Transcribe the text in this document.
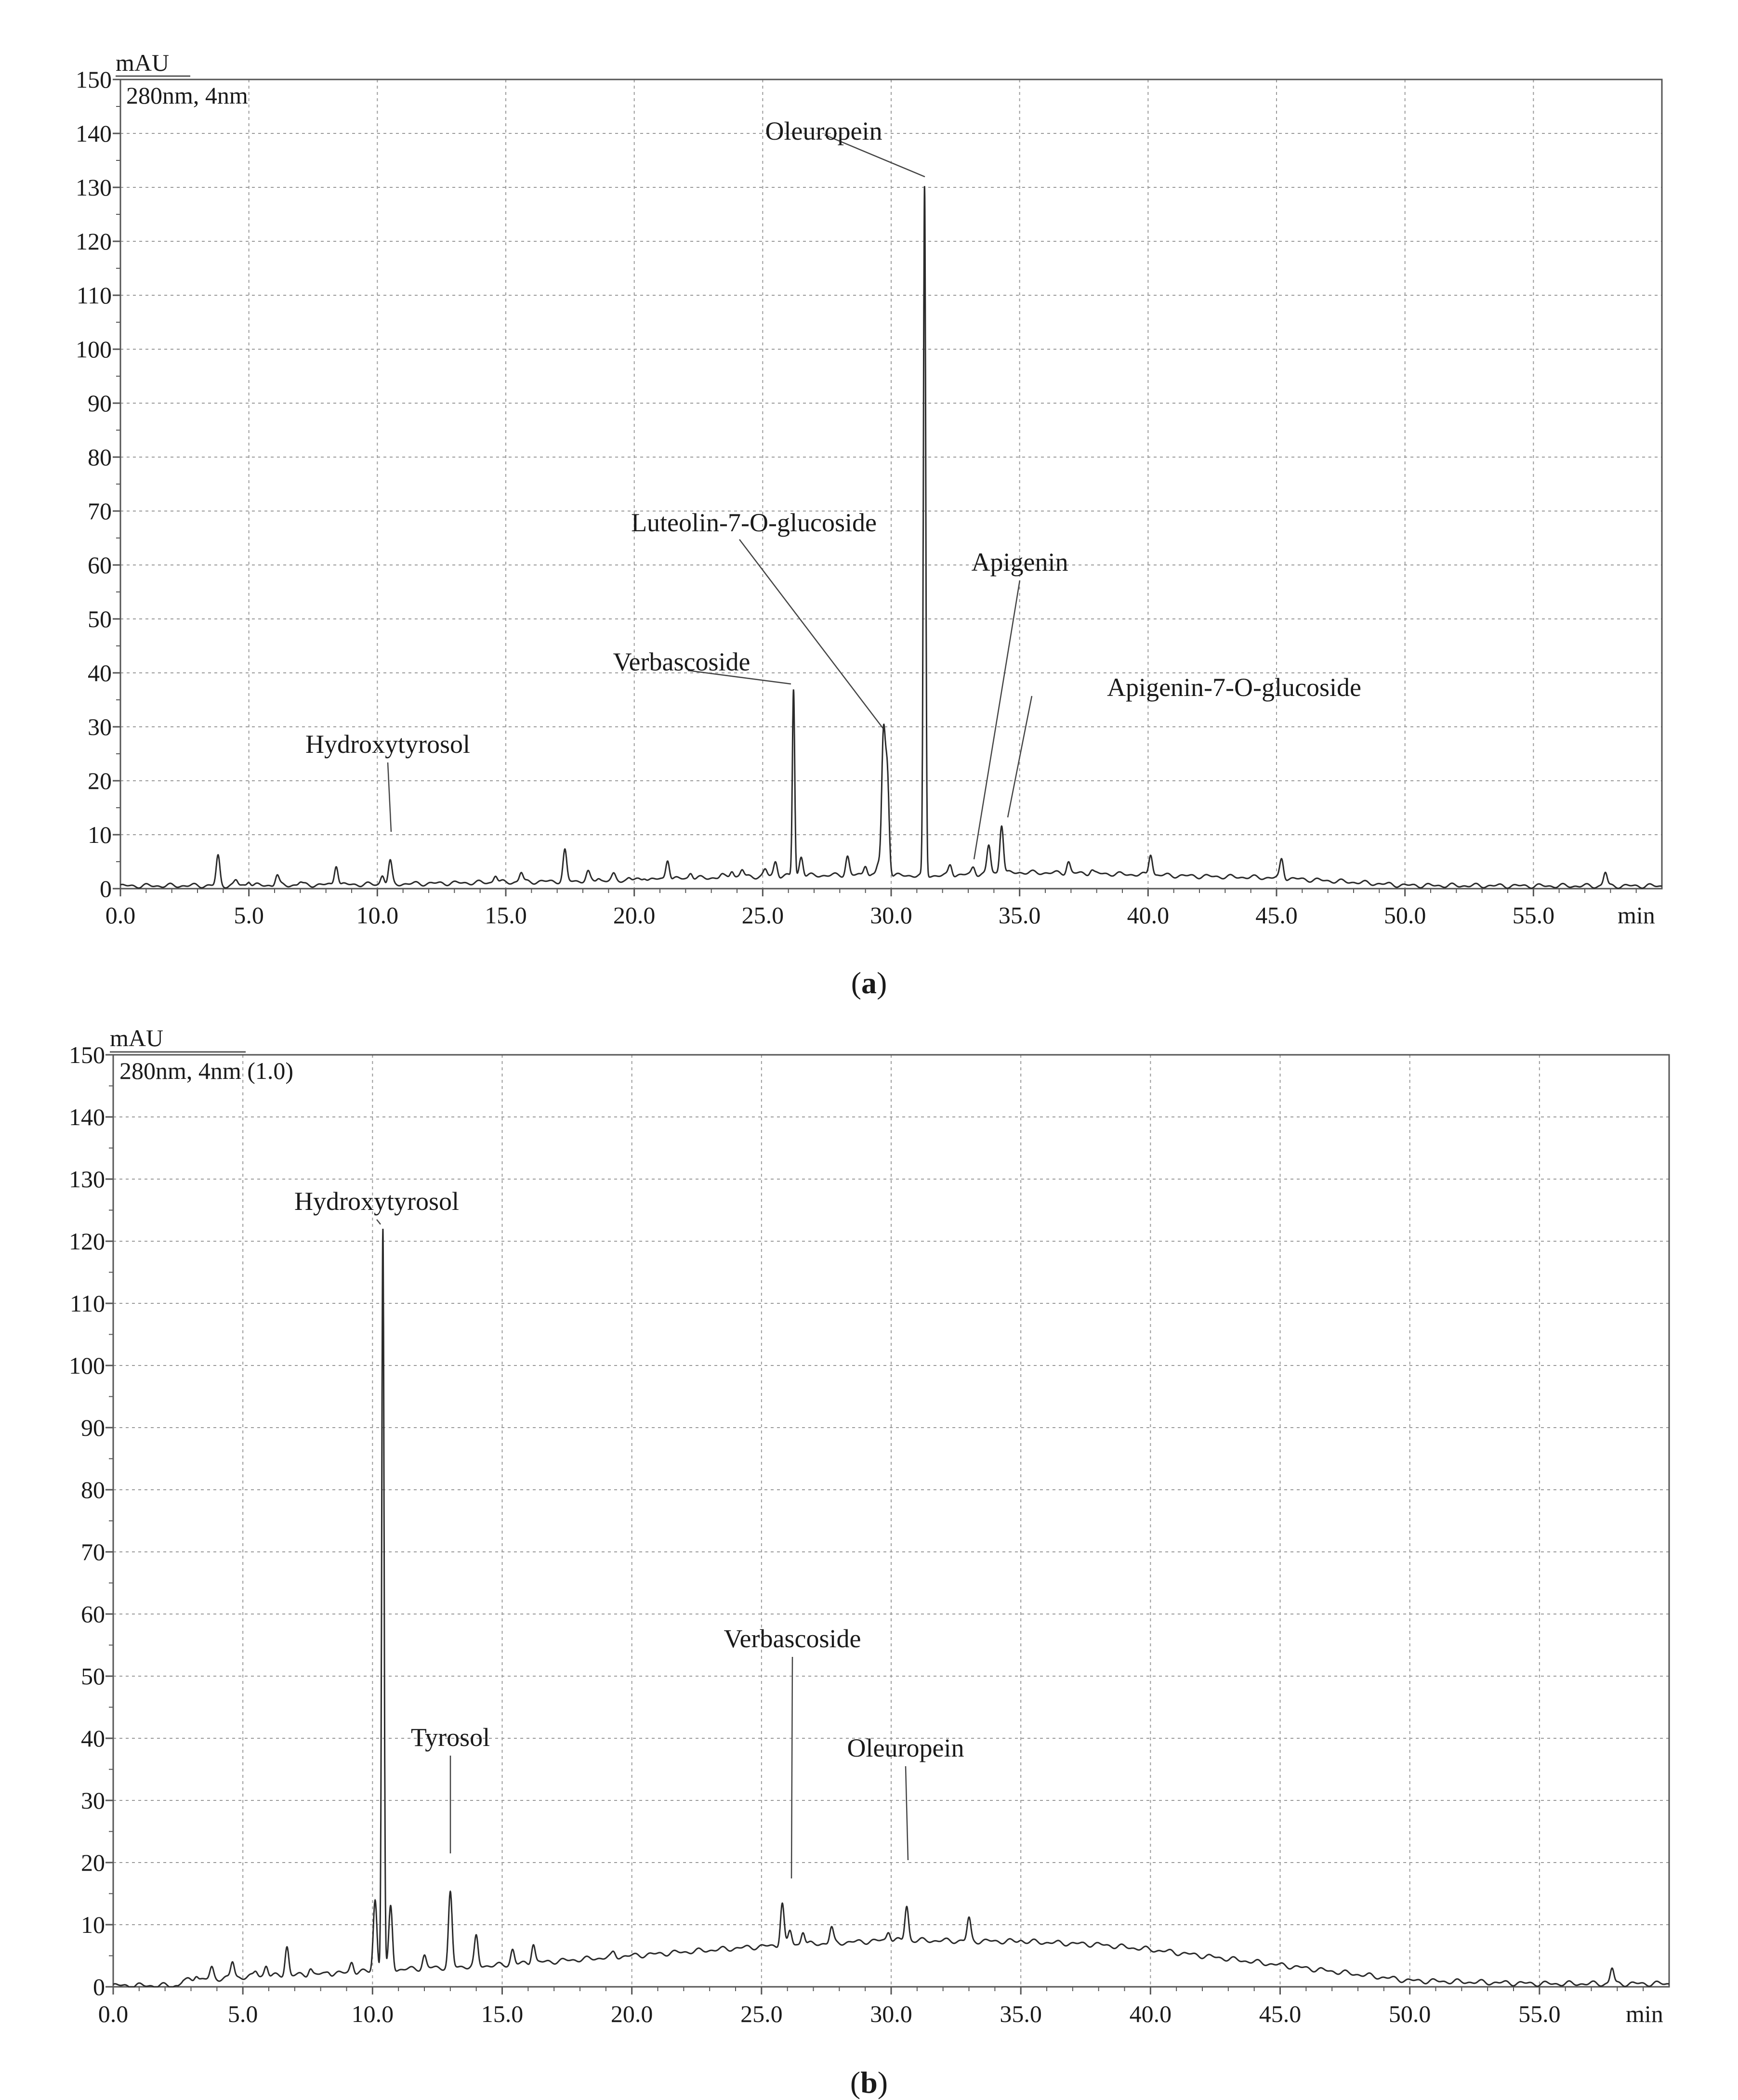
0
10
20
30
40
50
60
70
80
90
100
110
120
130
140
150
0.0	5.0	10.0	15.0	20.0	25.0	30.0	35.0	40.0	45.0	50.0	55.0
Hydroxytyrosol
Verbascoside
Luteolin-7-O-glucoside
Oleuropein
Apigenin
Apigenin-7-O-glucoside
mAU
280nm, 4nm
min
(a)
0
10
20
30
40
50
60
70
80
90
100
110
120
130
140
150
0.0	5.0	10.0	15.0	20.0	25.0	30.0	35.0	40.0	45.0	50.0	55.0
Hydroxytyrosol
Tyrosol
Verbascoside
Oleuropein
mAU
280nm, 4nm (1.0)
min
(b)
